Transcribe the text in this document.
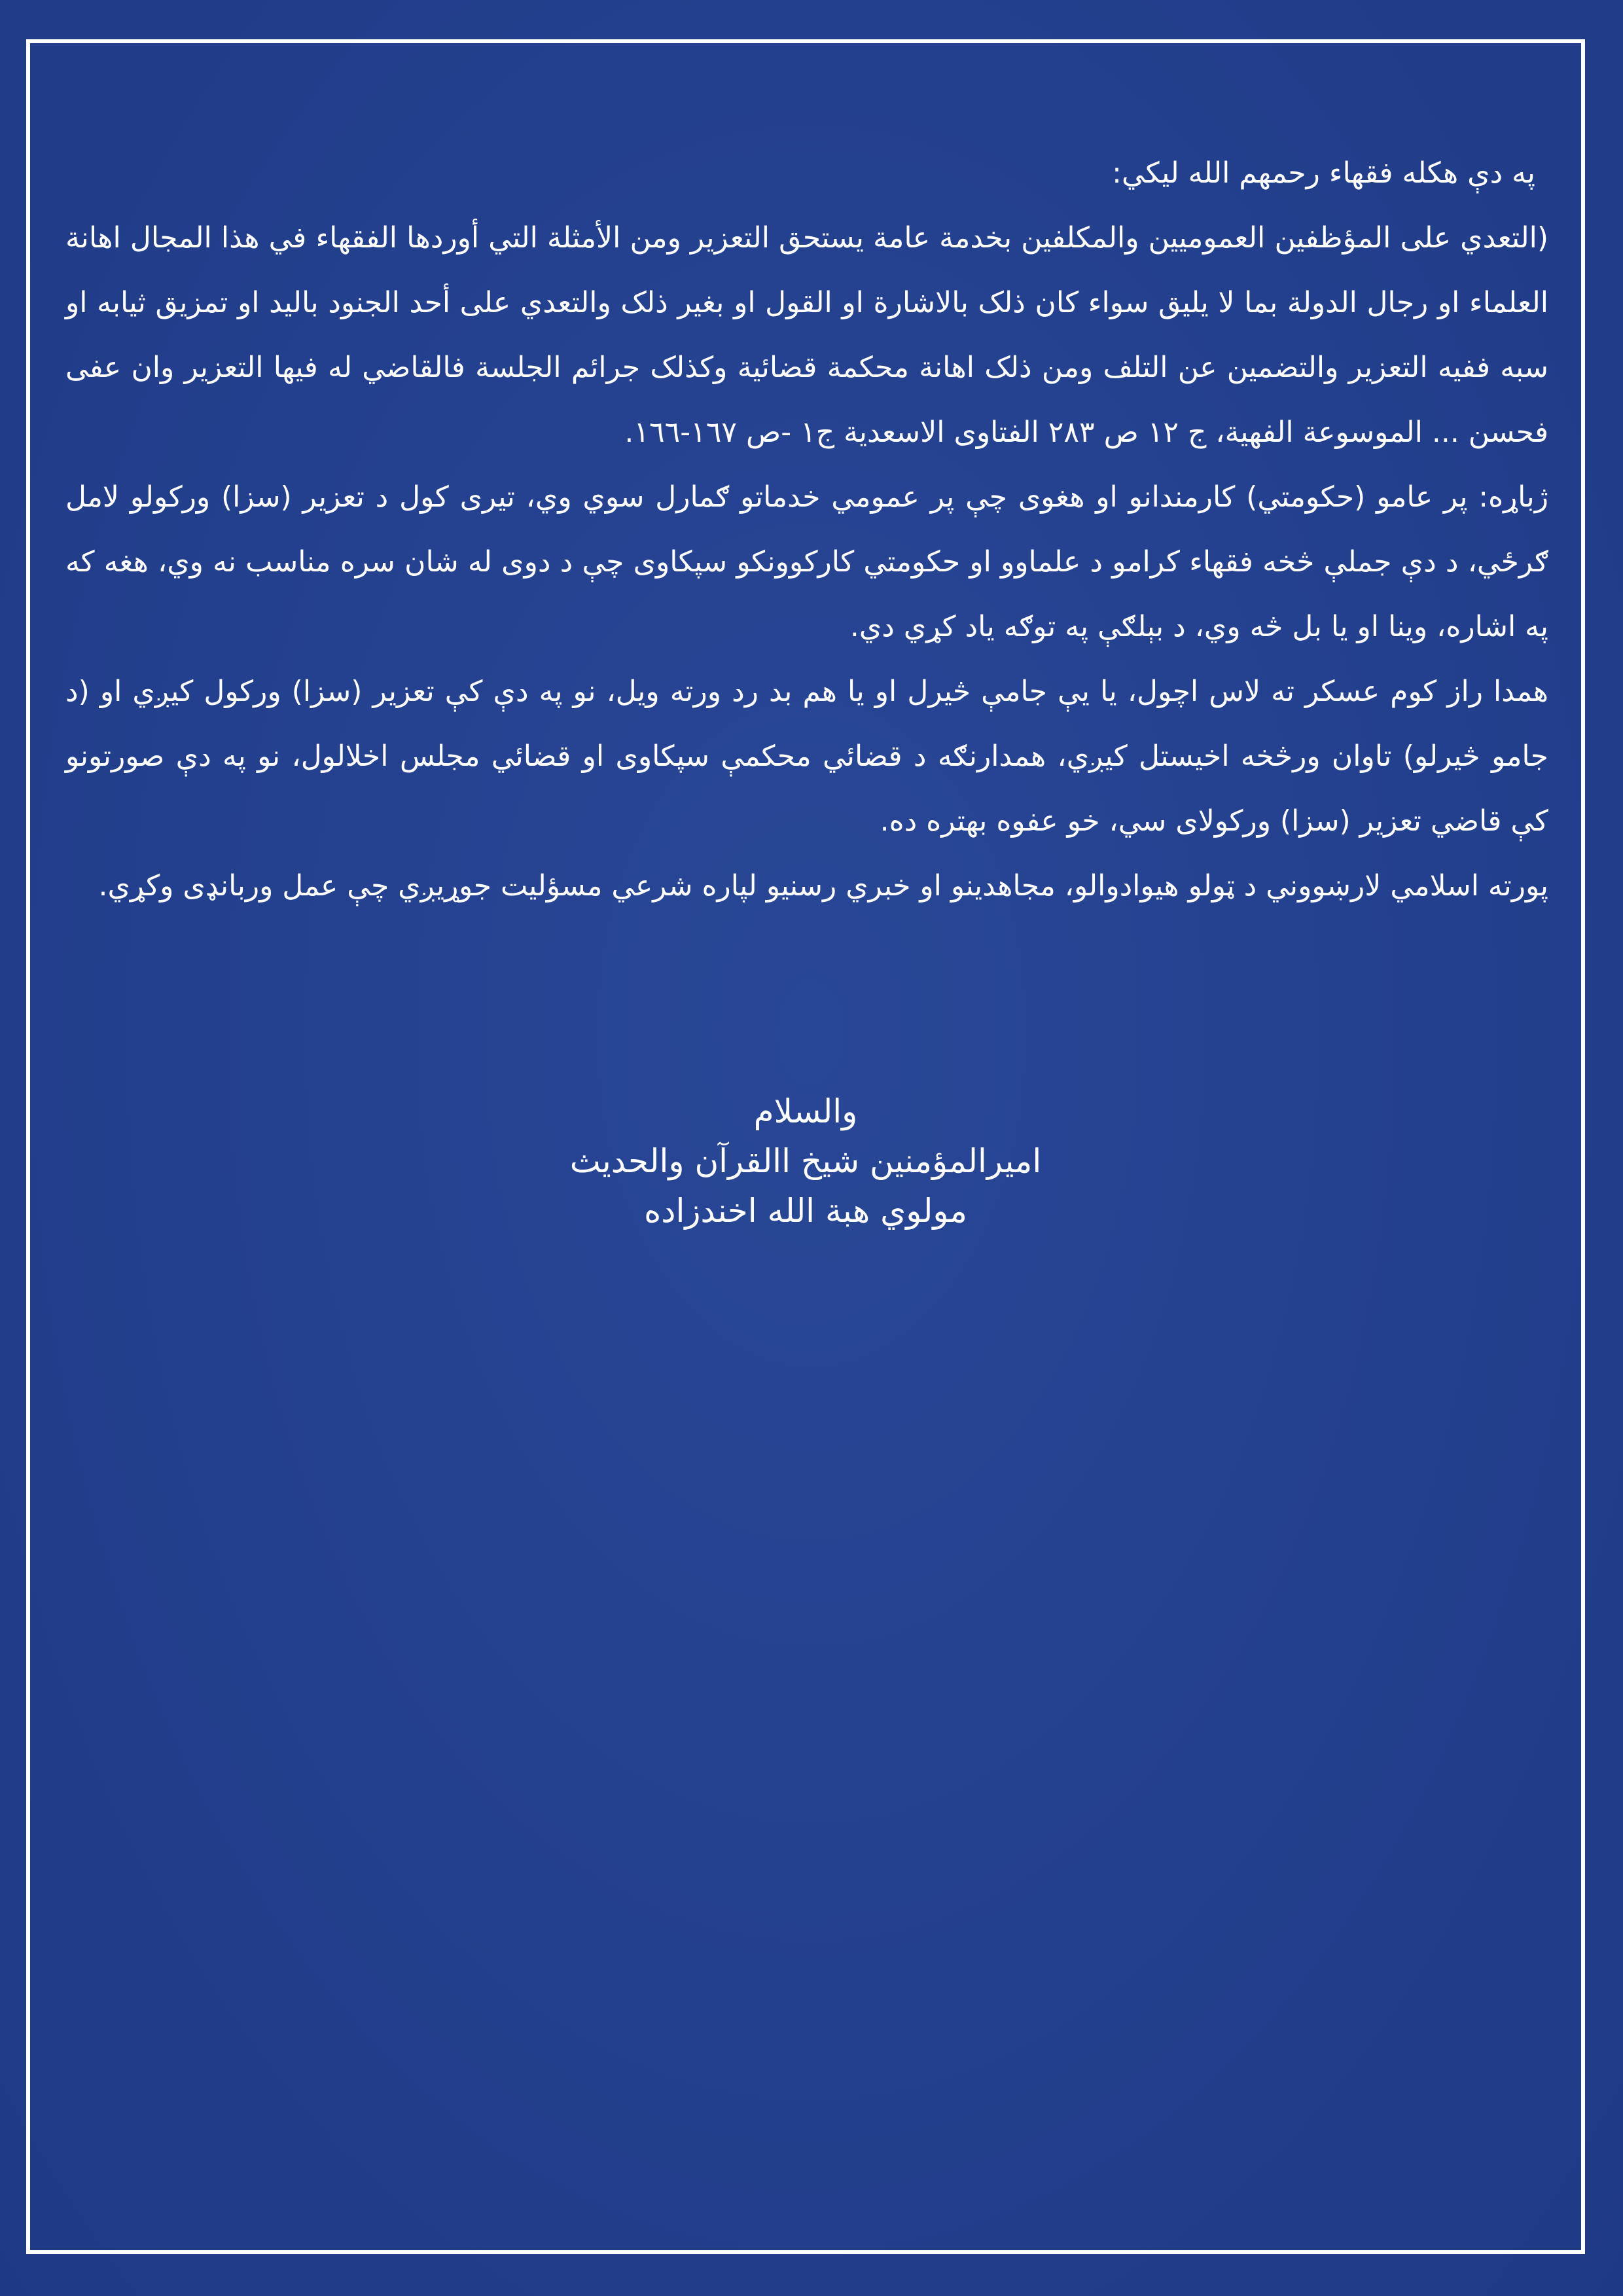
په دې هکله فقهاء رحمهم الله ليکي:

(التعدي على المؤظفين العموميين والمكلفين بخدمة عامة يستحق التعزير ومن الأمثلة التي أوردها الفقهاء في هذا المجال اهانة العلماء او رجال الدولة بما لا يليق سواء كان ذلک بالاشارة او القول او بغير ذلک والتعدي على أحد الجنود باليد او تمزيق ثيابه او سبه ففيه التعزير والتضمين عن التلف ومن ذلک اهانة محكمة قضائية وكذلک جرائم الجلسة فالقاضي له فيها التعزير وان عفى فحسن ... الموسوعة الفهية، ج ١٢ ص ٢٨٣ الفتاوى الاسعدية ج١ -ص ١٦٧-١٦٦.

ژباړه: پر عامو (حکومتي) کارمندانو او هغوی چې پر عمومي خدماتو ګمارل سوي وي، تیری کول د تعزیر (سزا) ورکولو لامل ګرځي، د دې جملې څخه فقهاء کرامو د علماوو او حکومتي کارکوونکو سپکاوی چې د دوی له شان سره مناسب نه وي، هغه که په اشاره، وینا او یا بل څه وي، د بېلګې په توګه یاد کړي دي.

همدا راز کوم عسکر ته لاس اچول، یا یې جامې څيرل او یا هم بد رد ورته ویل، نو په دې کې تعزیر (سزا) ورکول کیږي او (د جامو څيرلو) تاوان ورڅخه اخیستل کیږي، همدارنګه د قضائي محکمې سپکاوی او قضائي مجلس اخلالول، نو په دې صورتونو کې قاضي تعزیر (سزا) ورکولای سي، خو عفوه بهتره ده.

پورته اسلامي لارښووني د ټولو هیوادوالو، مجاهدینو او خبري رسنیو لپاره شرعي مسؤلیت جوړیږي چې عمل وربانډی وکړي.

والسلام
اميرالمؤمنين شيخ االقرآن والحديث
مولوي هبة الله اخندزاده
